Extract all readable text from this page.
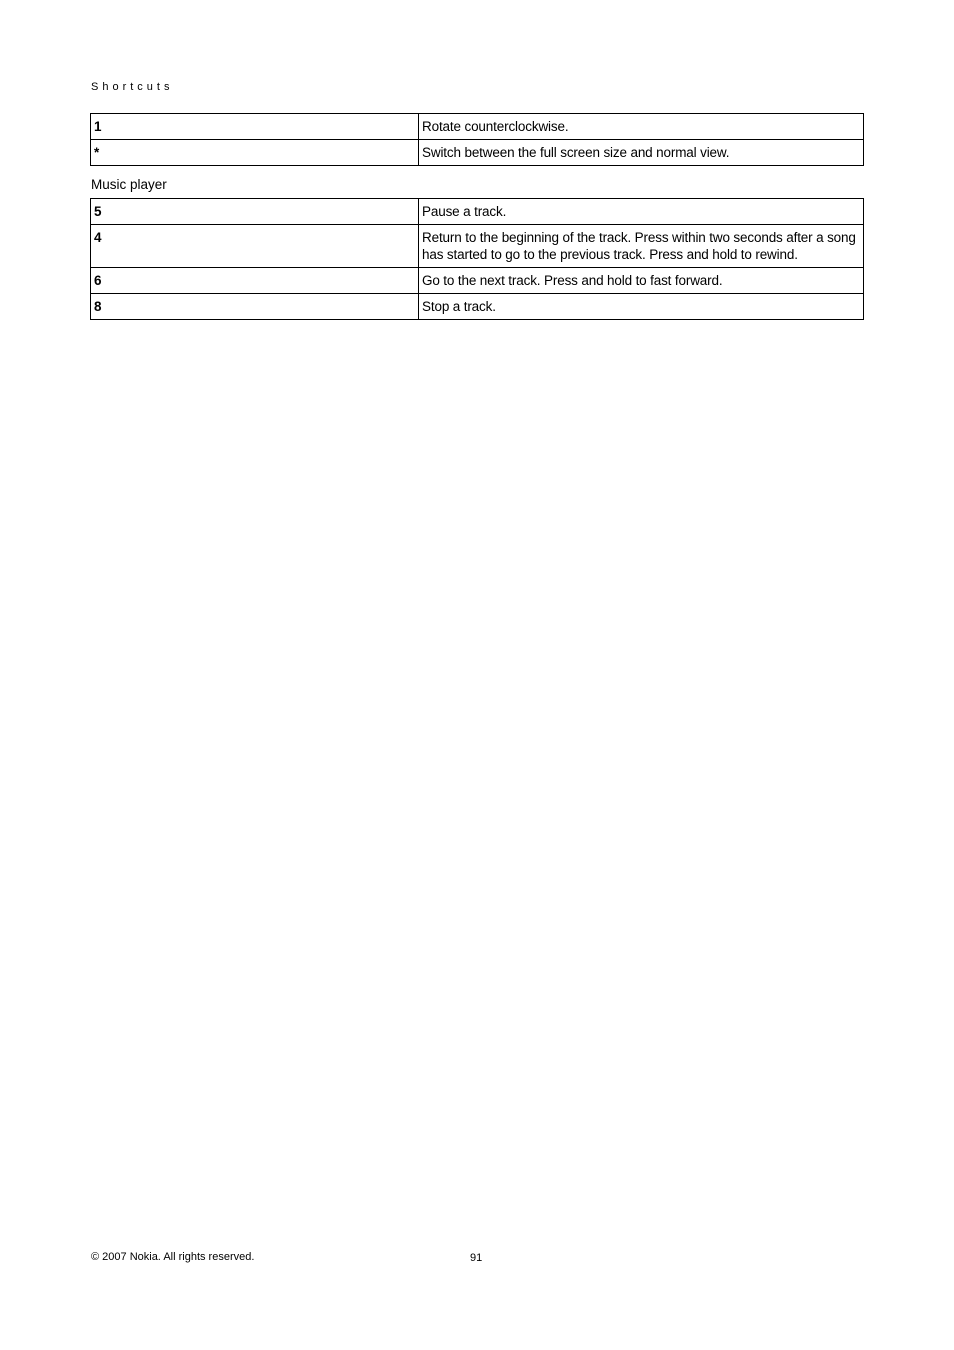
Shortcuts
1	Rotate counterclockwise.
*	Switch between the full screen size and normal view.
Music player
5	Pause a track.
4	Return to the beginning of the track. Press within two seconds after a song has started to go to the previous track. Press and hold to rewind.
6	Go to the next track. Press and hold to fast forward.
8	Stop a track.
© 2007 Nokia. All rights reserved.	91
